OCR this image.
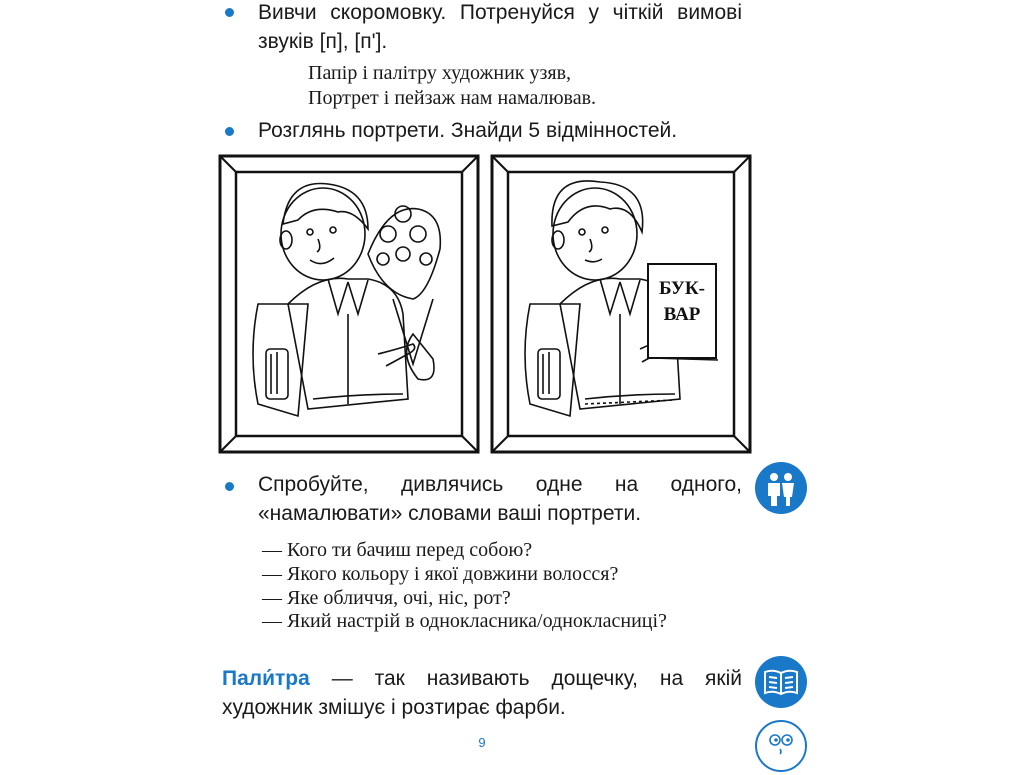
Вивчи скоромовку. Потренуйся у чіткій вимові звуків [п], [п'].
Папір і палітру художник узяв,
Портрет і пейзаж нам намалював.
Розглянь портрети. Знайди 5 відмінностей.
БУК-
ВАР
Спробуйте, дивлячись одне на одного, «намалювати» словами ваші портрети.
— Кого ти бачиш перед собою?
— Якого кольору і якої довжини волосся?
— Яке обличчя, очі, ніс, рот?
— Який настрій в однокласника/однокласниці?
Пали́тра — так називають дощечку, на якій художник змішує і розтирає фарби.
9
